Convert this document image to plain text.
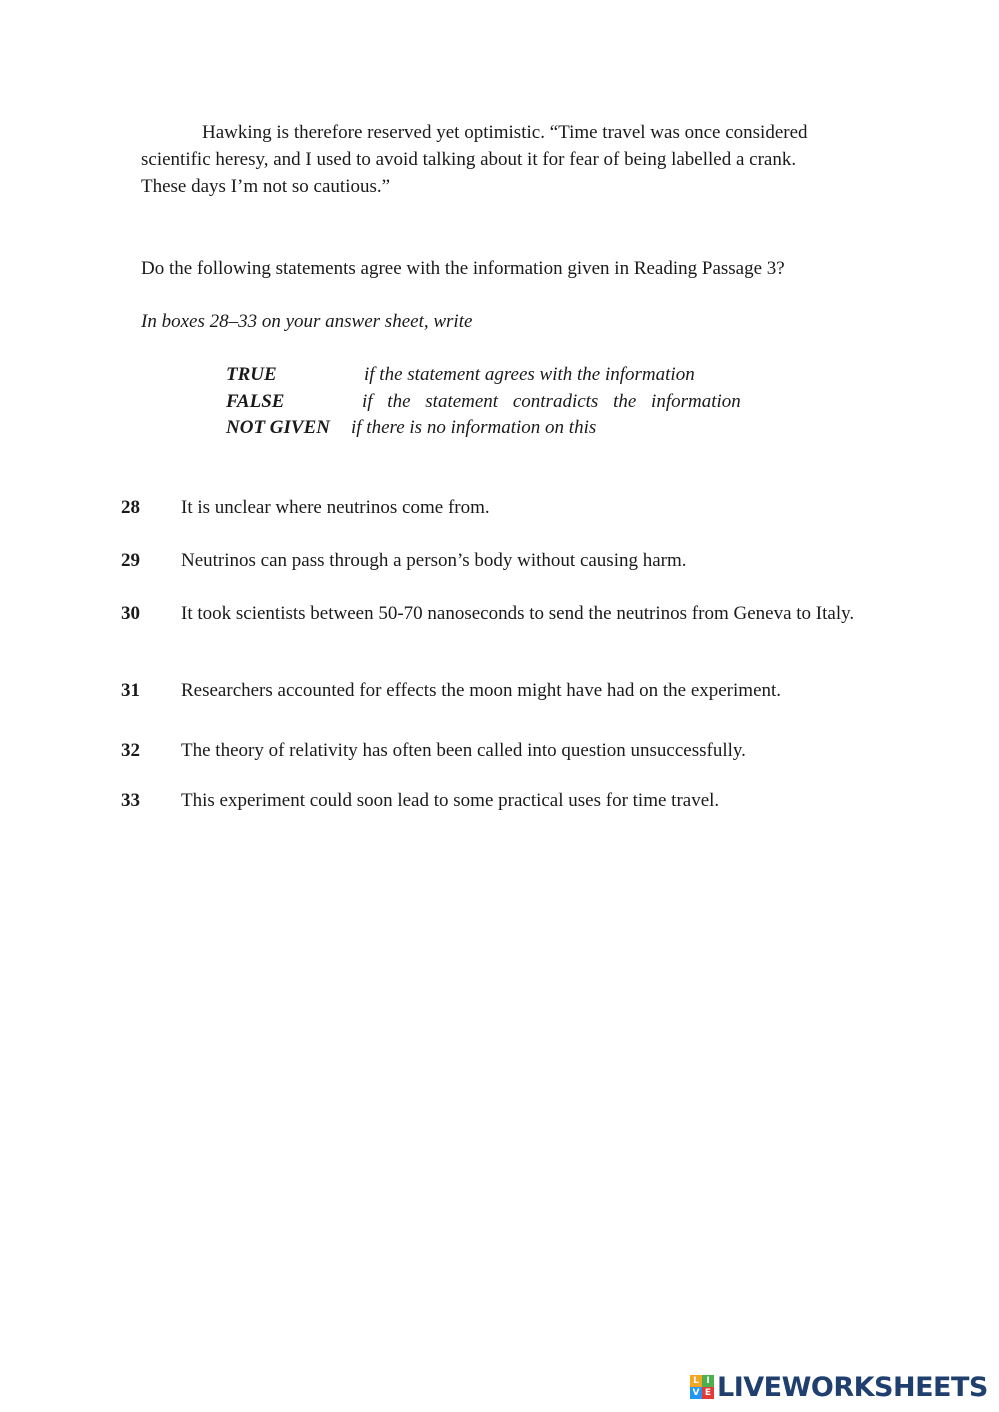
Hawking is therefore reserved yet optimistic. “Time travel was once considered scientific heresy, and I used to avoid talking about it for fear of being labelled a crank. These days I’m not so cautious.”

Do the following statements agree with the information given in Reading Passage 3?

In boxes 28–33 on your answer sheet, write

TRUE	if the statement agrees with the information
FALSE	if the statement contradicts the information
NOT GIVEN if there is no information on this

28 It is unclear where neutrinos come from.

29 Neutrinos can pass through a person’s body without causing harm.

30 It took scientists between 50-70 nanoseconds to send the neutrinos from Geneva to Italy.

31 Researchers accounted for effects the moon might have had on the experiment.

32 The theory of relativity has often been called into question unsuccessfully.

33 This experiment could soon lead to some practical uses for time travel.

L I
V E LIVEWORKSHEETS
